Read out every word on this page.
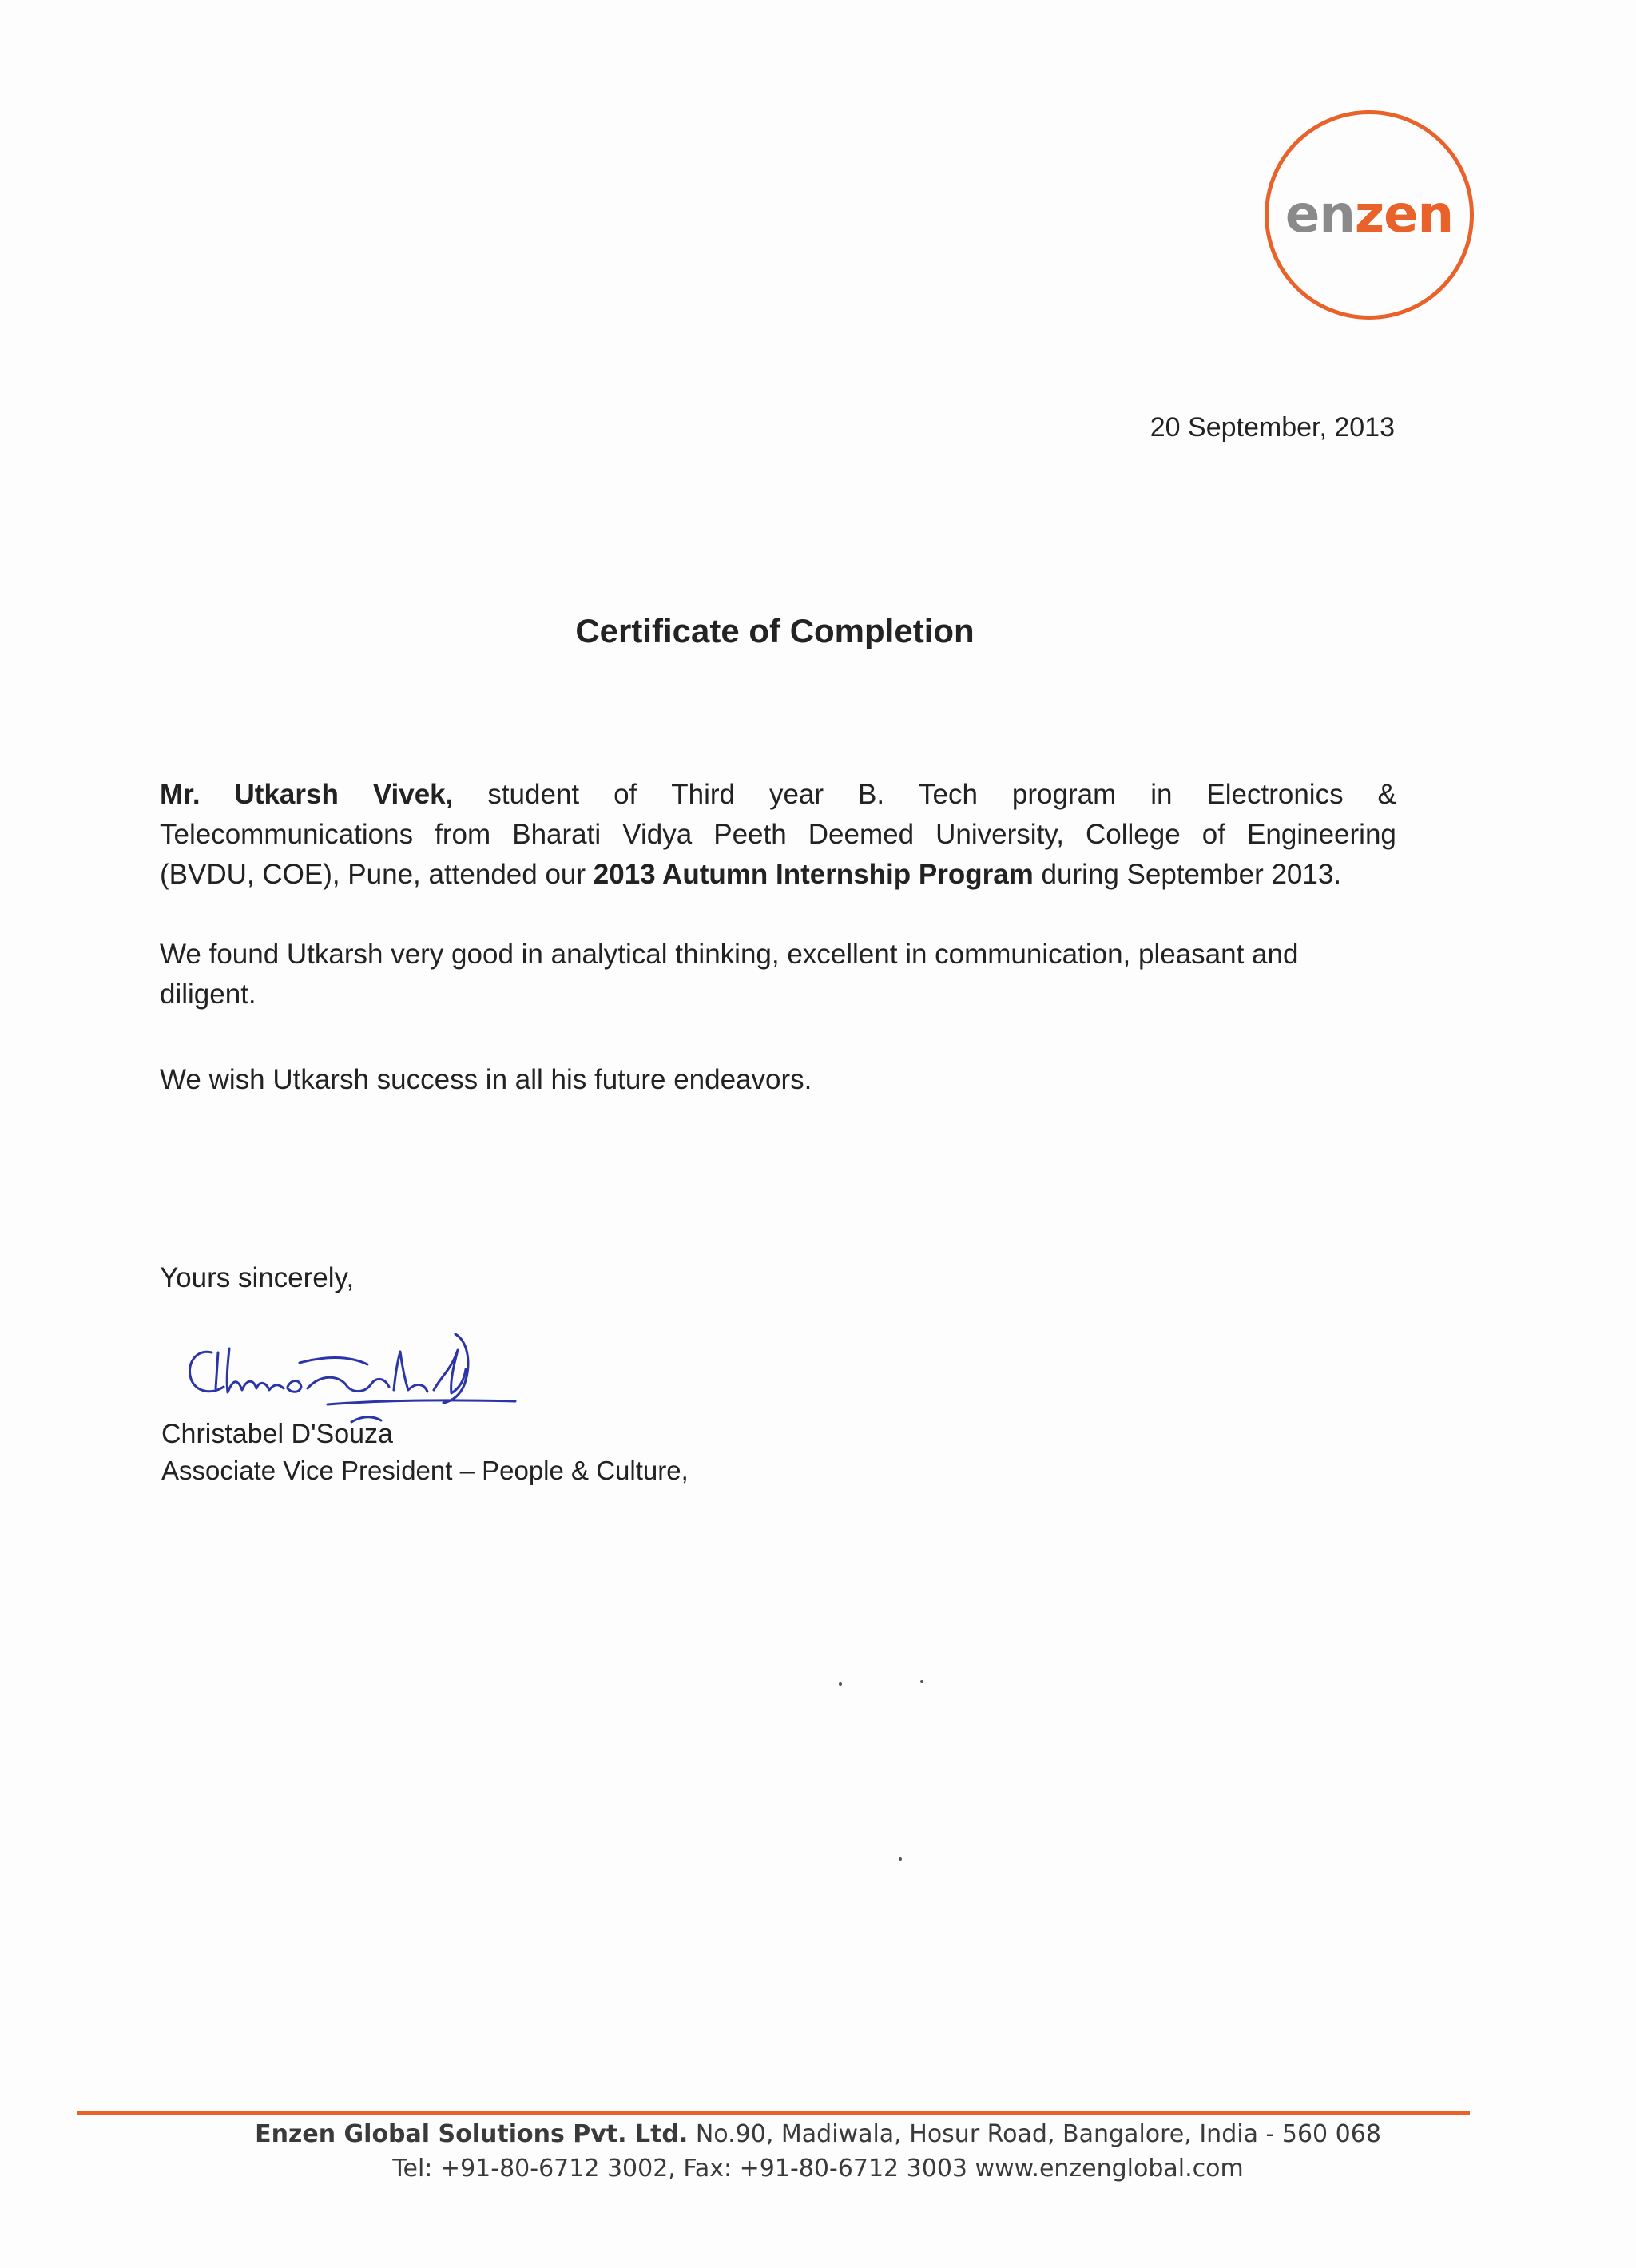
enzen
20 September, 2013
Certificate of Completion
Mr. Utkarsh Vivek, student of Third year B. Tech program in Electronics &
Telecommunications from Bharati Vidya Peeth Deemed University, College of Engineering
(BVDU, COE), Pune, attended our 2013 Autumn Internship Program during September 2013.
We found Utkarsh very good in analytical thinking, excellent in communication, pleasant and
diligent.
We wish Utkarsh success in all his future endeavors.
Yours sincerely,
Christabel D'Souza
Associate Vice President – People & Culture,
Enzen Global Solutions Pvt. Ltd. No.90, Madiwala, Hosur Road, Bangalore, India - 560 068
Tel: +91-80-6712 3002, Fax: +91-80-6712 3003 www.enzenglobal.com
